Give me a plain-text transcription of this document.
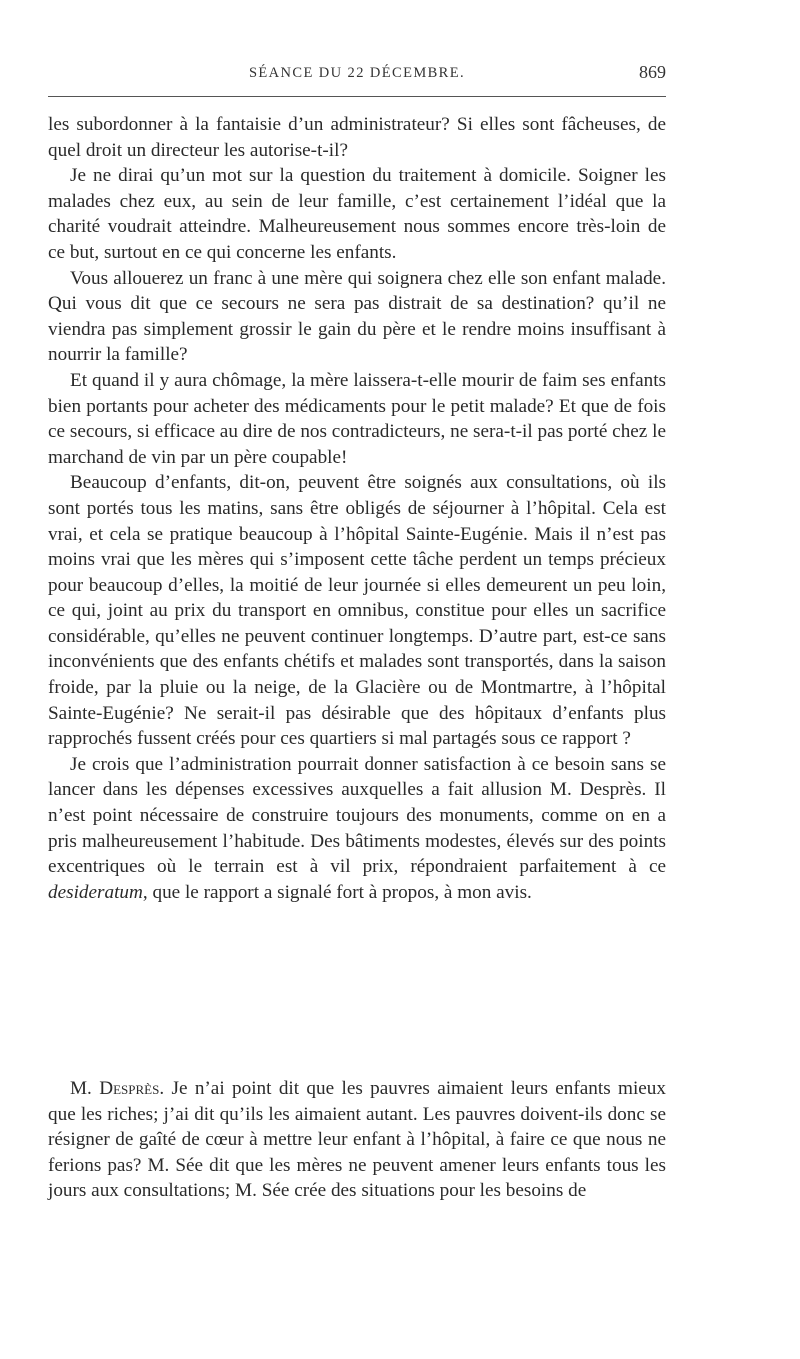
SÉANCE DU 22 DÉCEMBRE.	869

les subordonner à la fantaisie d’un administrateur? Si elles sont fâcheuses, de quel droit un directeur les autorise-t-il?

Je ne dirai qu’un mot sur la question du traitement à domicile. Soigner les malades chez eux, au sein de leur famille, c’est certainement l’idéal que la charité voudrait atteindre. Malheureusement nous sommes encore très-loin de ce but, surtout en ce qui concerne les enfants.

Vous allouerez un franc à une mère qui soignera chez elle son enfant malade. Qui vous dit que ce secours ne sera pas distrait de sa destination? qu’il ne viendra pas simplement grossir le gain du père et le rendre moins insuffisant à nourrir la famille?

Et quand il y aura chômage, la mère laissera-t-elle mourir de faim ses enfants bien portants pour acheter des médicaments pour le petit malade? Et que de fois ce secours, si efficace au dire de nos contradicteurs, ne sera-t-il pas porté chez le marchand de vin par un père coupable!

Beaucoup d’enfants, dit-on, peuvent être soignés aux consultations, où ils sont portés tous les matins, sans être obligés de séjourner à l’hôpital. Cela est vrai, et cela se pratique beaucoup à l’hôpital Sainte-Eugénie. Mais il n’est pas moins vrai que les mères qui s’imposent cette tâche perdent un temps précieux pour beaucoup d’elles, la moitié de leur journée si elles demeurent un peu loin, ce qui, joint au prix du transport en omnibus, constitue pour elles un sacrifice considérable, qu’elles ne peuvent continuer longtemps. D’autre part, est-ce sans inconvénients que des enfants chétifs et malades sont transportés, dans la saison froide, par la pluie ou la neige, de la Glacière ou de Montmartre, à l’hôpital Sainte-Eugénie? Ne serait-il pas désirable que des hôpitaux d’enfants plus rapprochés fussent créés pour ces quartiers si mal partagés sous ce rapport ?

Je crois que l’administration pourrait donner satisfaction à ce besoin sans se lancer dans les dépenses excessives auxquelles a fait allusion M. Desprès. Il n’est point nécessaire de construire toujours des monuments, comme on en a pris malheureusement l’habitude. Des bâtiments modestes, élevés sur des points excentriques où le terrain est à vil prix, répondraient parfaitement à ce desideratum, que le rapport a signalé fort à propos, à mon avis.

M. Desprès. Je n’ai point dit que les pauvres aimaient leurs enfants mieux que les riches; j’ai dit qu’ils les aimaient autant. Les pauvres doivent-ils donc se résigner de gaîté de cœur à mettre leur enfant à l’hôpital, à faire ce que nous ne ferions pas? M. Sée dit que les mères ne peuvent amener leurs enfants tous les jours aux consultations; M. Sée crée des situations pour les besoins de
